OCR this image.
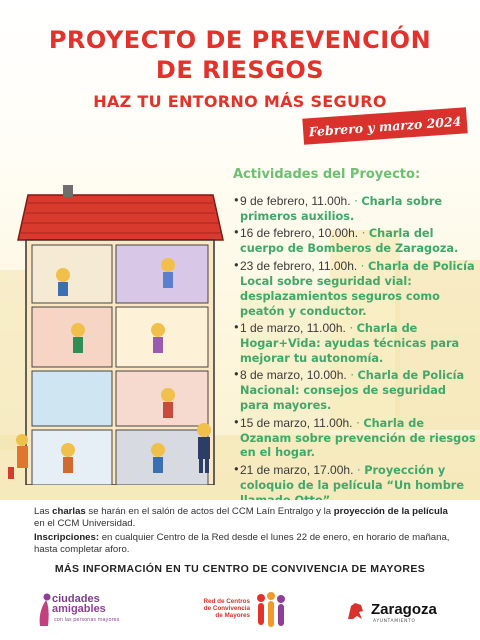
PROYECTO DE PREVENCIÓN
DE RIESGOS
HAZ TU ENTORNO MÁS SEGURO
Febrero y marzo 2024
Actividades del Proyecto:
• 9 de febrero, 11.00h. · Charla sobre primeros auxilios.
• 16 de febrero, 10.00h. · Charla del cuerpo de Bomberos de Zaragoza.
• 23 de febrero, 11.00h. · Charla de Policía Local sobre seguridad vial: desplazamientos seguros como peatón y conductor.
• 1 de marzo, 11.00h. · Charla de Hogar+Vida: ayudas técnicas para mejorar tu autonomía.
• 8 de marzo, 10.00h. · Charla de Policía Nacional: consejos de seguridad para mayores.
• 15 de marzo, 11.00h. · Charla de Ozanam sobre prevención de riesgos en el hogar.
• 21 de marzo, 17.00h. · Proyección y coloquio de la película “Un hombre
Las charlas se harán en el salón de actos del CCM Laín Entralgo y la proyección de la película en el CCM Universidad.
Inscripciones: en cualquier Centro de la Red desde el lunes 22 de enero, en horario de mañana, hasta completar aforo.
MÁS INFORMACIÓN EN TU CENTRO DE CONVIVENCIA DE MAYORES
ciudades
amigables
con las personas mayores
Red de Centros
de Convivencia
de Mayores	Zaragoza
AYUNTAMIENTO
